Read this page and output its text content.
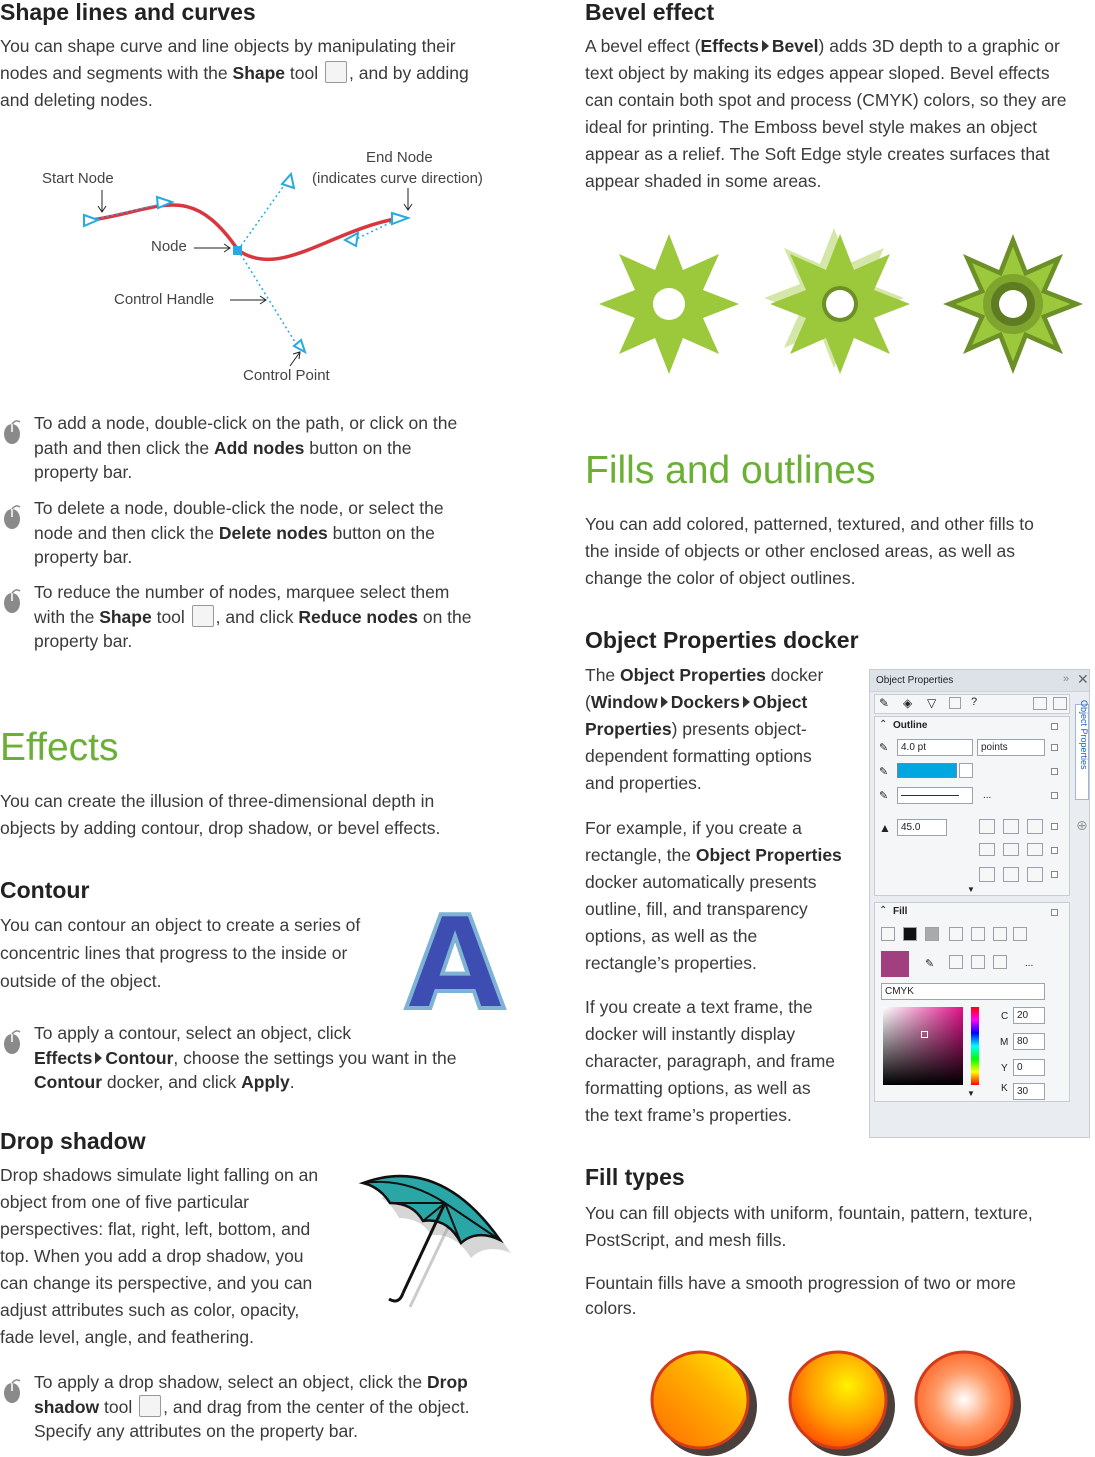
Shape lines and curves

You can shape curve and line objects by manipulating their

nodes and segments with the Shape tool , and by adding

and deleting nodes.

Start Node
End Node
(indicates curve direction)
Node
Control Handle
Control Point

To add a node, double-click on the path, or click on the
path and then click the Add nodes button on the
property bar.

To delete a node, double-click the node, or select the
node and then click the Delete nodes button on the
property bar.

To reduce the number of nodes, marquee select them
with the Shape tool , and click Reduce nodes on the
property bar.

Effects

You can create the illusion of three-dimensional depth in

objects by adding contour, drop shadow, or bevel effects.

Contour

You can contour an object to create a series of

concentric lines that progress to the inside or

outside of the object. A

To apply a contour, select an object, click
Effects Contour, choose the settings you want in the
Contour docker, and click Apply.

Drop shadow

Drop shadows simulate light falling on an

object from one of five particular

perspectives: flat, right, left, bottom, and

top. When you add a drop shadow, you

can change its perspective, and you can

adjust attributes such as color, opacity,

fade level, angle, and feathering.

To apply a drop shadow, select an object, click the Drop
shadow tool , and drag from the center of the object.
Specify any attributes on the property bar.

Bevel effect

A bevel effect (Effects Bevel) adds 3D depth to a graphic or

text object by making its edges appear sloped. Bevel effects

can contain both spot and process (CMYK) colors, so they are

ideal for printing. The Emboss bevel style makes an object

appear as a relief. The Soft Edge style creates surfaces that

appear shaded in some areas.

Fills and outlines

You can add colored, patterned, textured, and other fills to

the inside of objects or other enclosed areas, as well as

change the color of object outlines.

Object Properties docker

The Object Properties docker

(Window Dockers Object

Properties) presents object-

dependent formatting options

and properties.

For example, if you create a

rectangle, the Object Properties

docker automatically presents

outline, fill, and transparency

options, as well as the

rectangle’s properties.

If you create a text frame, the

docker will instantly display

character, paragraph, and frame

formatting options, as well as

the text frame’s properties.

Fill types

You can fill objects with uniform, fountain, pattern, texture,

PostScript, and mesh fills.

Fountain fills have a smooth progression of two or more

colors.

Object Properties	» ✕
✎	◈	▽	?	Object Properties
⊕
⌃ Outline
✎	4.0 pt	points
✎
✎	...
▲	45.0
▼
⌃ Fill
✎	...
CMYK
C 20
M 80
Y 0
K 30
▼
